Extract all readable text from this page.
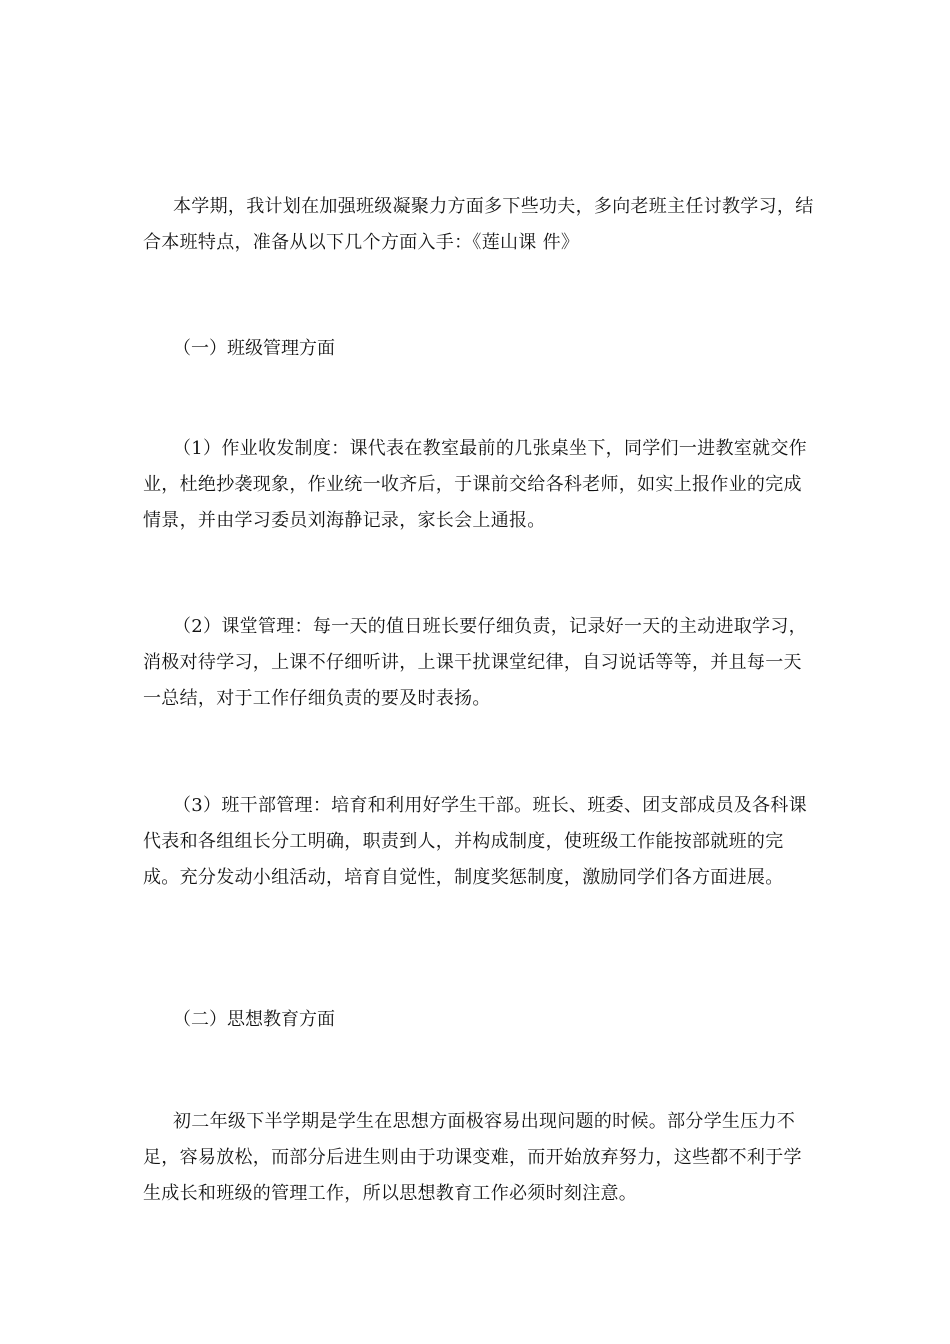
本学期，我计划在加强班级凝聚力方面多下些功夫，多向老班主任讨教学习，结合本班特点，准备从以下几个方面入手：《莲山课 件》

（一）班级管理方面

（1）作业收发制度：课代表在教室最前的几张桌坐下，同学们一进教室就交作业，杜绝抄袭现象，作业统一收齐后，于课前交给各科老师，如实上报作业的完成情景，并由学习委员刘海静记录，家长会上通报。

（2）课堂管理：每一天的值日班长要仔细负责，记录好一天的主动进取学习，消极对待学习，上课不仔细听讲，上课干扰课堂纪律，自习说话等等，并且每一天一总结，对于工作仔细负责的要及时表扬。

（3）班干部管理：培育和利用好学生干部。班长、班委、团支部成员及各科课代表和各组组长分工明确，职责到人，并构成制度，使班级工作能按部就班的完成。充分发动小组活动，培育自觉性，制度奖惩制度，激励同学们各方面进展。

（二）思想教育方面

初二年级下半学期是学生在思想方面极容易出现问题的时候。部分学生压力不足，容易放松，而部分后进生则由于功课变难，而开始放弃努力，这些都不利于学生成长和班级的管理工作，所以思想教育工作必须时刻注意。
